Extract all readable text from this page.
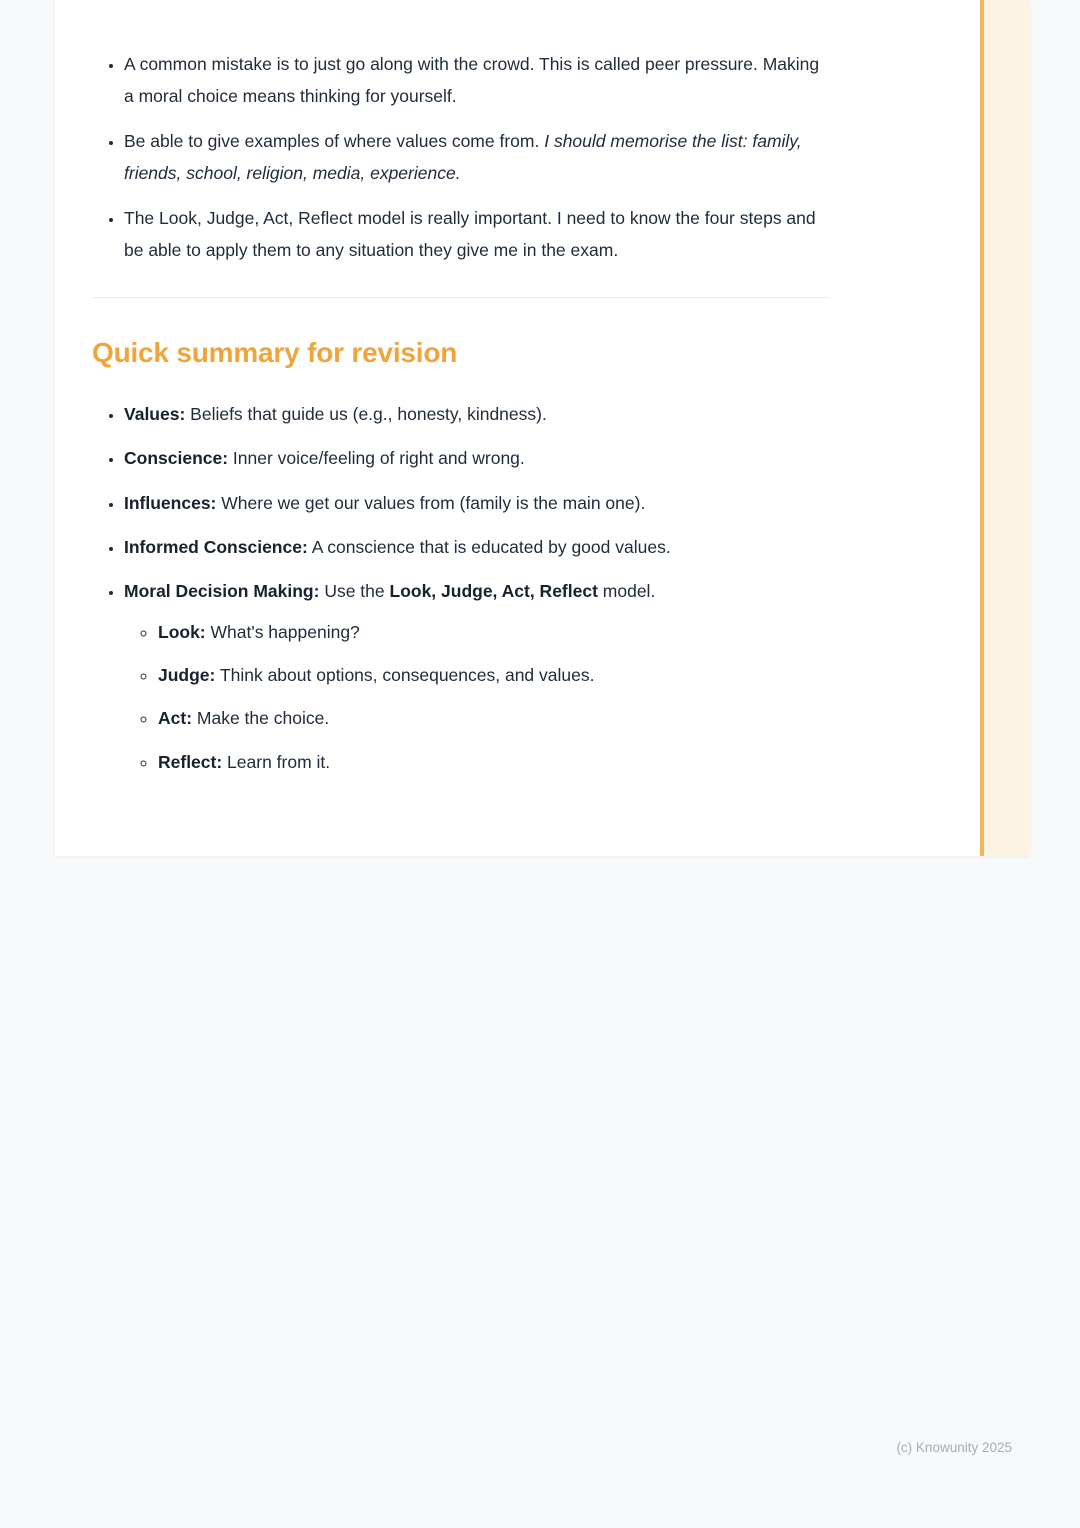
• A common mistake is to just go along with the crowd. This is called peer pressure. Making a moral choice means thinking for yourself.
• Be able to give examples of where values come from. I should memorise the list: family, friends, school, religion, media, experience.
• The Look, Judge, Act, Reflect model is really important. I need to know the four steps and be able to apply them to any situation they give me in the exam.
Quick summary for revision
• Values: Beliefs that guide us (e.g., honesty, kindness).
• Conscience: Inner voice/feeling of right and wrong.
• Influences: Where we get our values from (family is the main one).
• Informed Conscience: A conscience that is educated by good values.
• Moral Decision Making: Use the Look, Judge, Act, Reflect model.
◦ Look: What's happening?
◦ Judge: Think about options, consequences, and values.
◦ Act: Make the choice.
◦ Reflect: Learn from it.
(c) Knowunity 2025
